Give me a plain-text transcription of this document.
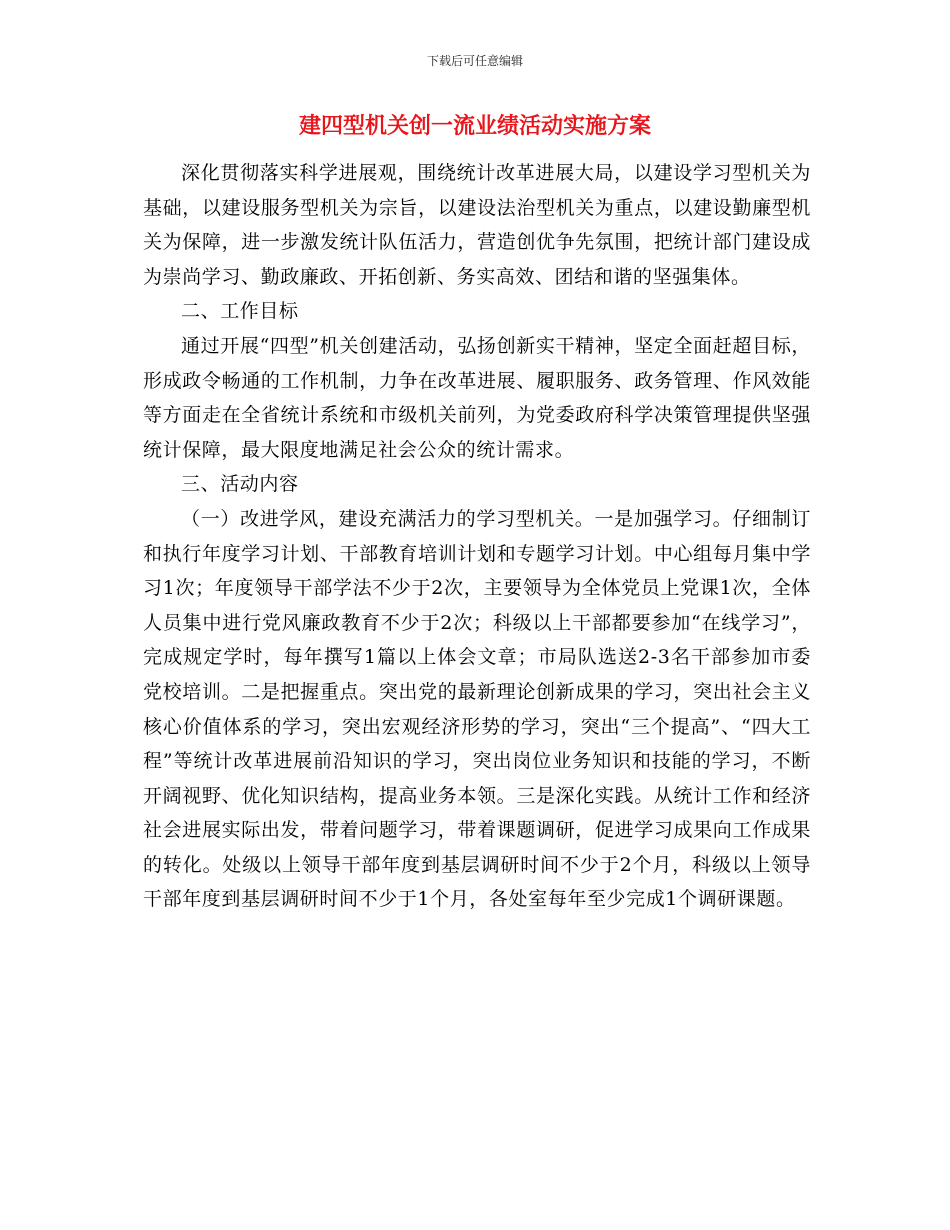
下载后可任意编辑
建四型机关创一流业绩活动实施方案

深化贯彻落实科学进展观，围绕统计改革进展大局，以建设学习型机关为基础，以建设服务型机关为宗旨，以建设法治型机关为重点，以建设勤廉型机关为保障，进一步激发统计队伍活力，营造创优争先氛围，把统计部门建设成为崇尚学习、勤政廉政、开拓创新、务实高效、团结和谐的坚强集体。

二、工作目标

通过开展“四型”机关创建活动，弘扬创新实干精神，坚定全面赶超目标，形成政令畅通的工作机制，力争在改革进展、履职服务、政务管理、作风效能等方面走在全省统计系统和市级机关前列，为党委政府科学决策管理提供坚强统计保障，最大限度地满足社会公众的统计需求。

三、活动内容

（一）改进学风，建设充满活力的学习型机关。一是加强学习。仔细制订和执行年度学习计划、干部教育培训计划和专题学习计划。中心组每月集中学习1次；年度领导干部学法不少于2次，主要领导为全体党员上党课1次，全体人员集中进行党风廉政教育不少于2次；科级以上干部都要参加“在线学习”，完成规定学时，每年撰写1篇以上体会文章；市局队选送2-3名干部参加市委党校培训。二是把握重点。突出党的最新理论创新成果的学习，突出社会主义核心价值体系的学习，突出宏观经济形势的学习，突出“三个提高”、“四大工程”等统计改革进展前沿知识的学习，突出岗位业务知识和技能的学习，不断开阔视野、优化知识结构，提高业务本领。三是深化实践。从统计工作和经济社会进展实际出发，带着问题学习，带着课题调研，促进学习成果向工作成果的转化。处级以上领导干部年度到基层调研时间不少于2个月，科级以上领导干部年度到基层调研时间不少于1个月，各处室每年至少完成1个调研课题。
